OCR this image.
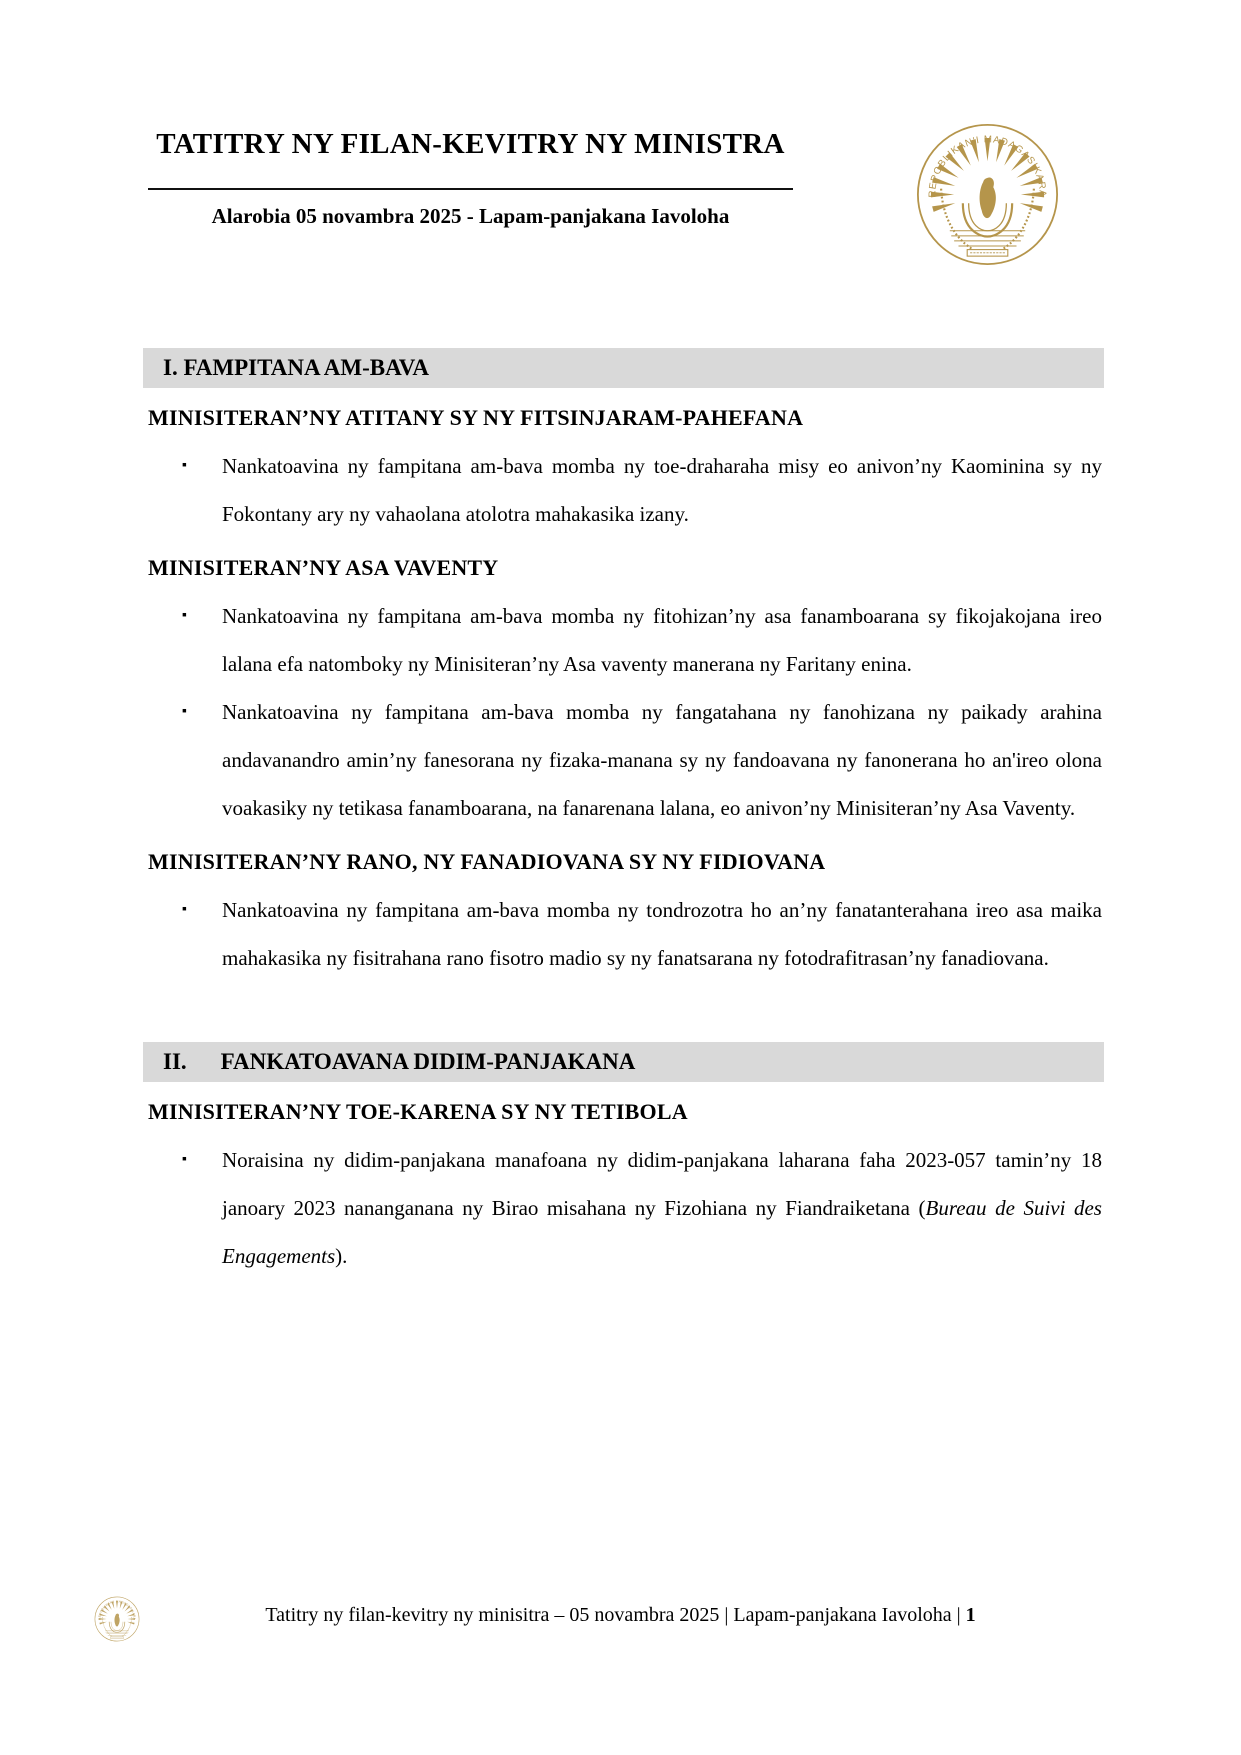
TATITRY NY FILAN-KEVITRY NY MINISTRA
Alarobia 05 novambra 2025 - Lapam-panjakana Iavoloha
I. FAMPITANA AM-BAVA
MINISITERAN’NY ATITANY SY NY FITSINJARAM-PAHEFANA
▪ Nankatoavina ny fampitana am-bava momba ny toe-draharaha misy eo anivon’ny Kaominina sy ny Fokontany ary ny vahaolana atolotra mahakasika izany.
MINISITERAN’NY ASA VAVENTY
▪ Nankatoavina ny fampitana am-bava momba ny fitohizan’ny asa fanamboarana sy fikojakojana ireo lalana efa natomboky ny Minisiteran’ny Asa vaventy manerana ny Faritany enina.
▪ Nankatoavina ny fampitana am-bava momba ny fangatahana ny fanohizana ny paikady arahina andavanandro amin’ny fanesorana ny fizaka-manana sy ny fandoavana ny fanonerana ho an'ireo olona voakasiky ny tetikasa fanamboarana, na fanarenana lalana, eo anivon’ny Minisiteran’ny Asa Vaventy.
MINISITERAN’NY RANO, NY FANADIOVANA SY NY FIDIOVANA
▪ Nankatoavina ny fampitana am-bava momba ny tondrozotra ho an’ny fanatanterahana ireo asa maika mahakasika ny fisitrahana rano fisotro madio sy ny fanatsarana ny fotodrafitrasan’ny fanadiovana.
II. FANKATOAVANA DIDIM-PANJAKANA
MINISITERAN’NY TOE-KARENA SY NY TETIBOLA
▪ Noraisina ny didim-panjakana manafoana ny didim-panjakana laharana faha 2023-057 tamin’ny 18 janoary 2023 nananganana ny Birao misahana ny Fizohiana ny Fiandraiketana (Bureau de Suivi des Engagements).
Tatitry ny filan-kevitry ny minisitra – 05 novambra 2025 | Lapam-panjakana Iavoloha | 1
